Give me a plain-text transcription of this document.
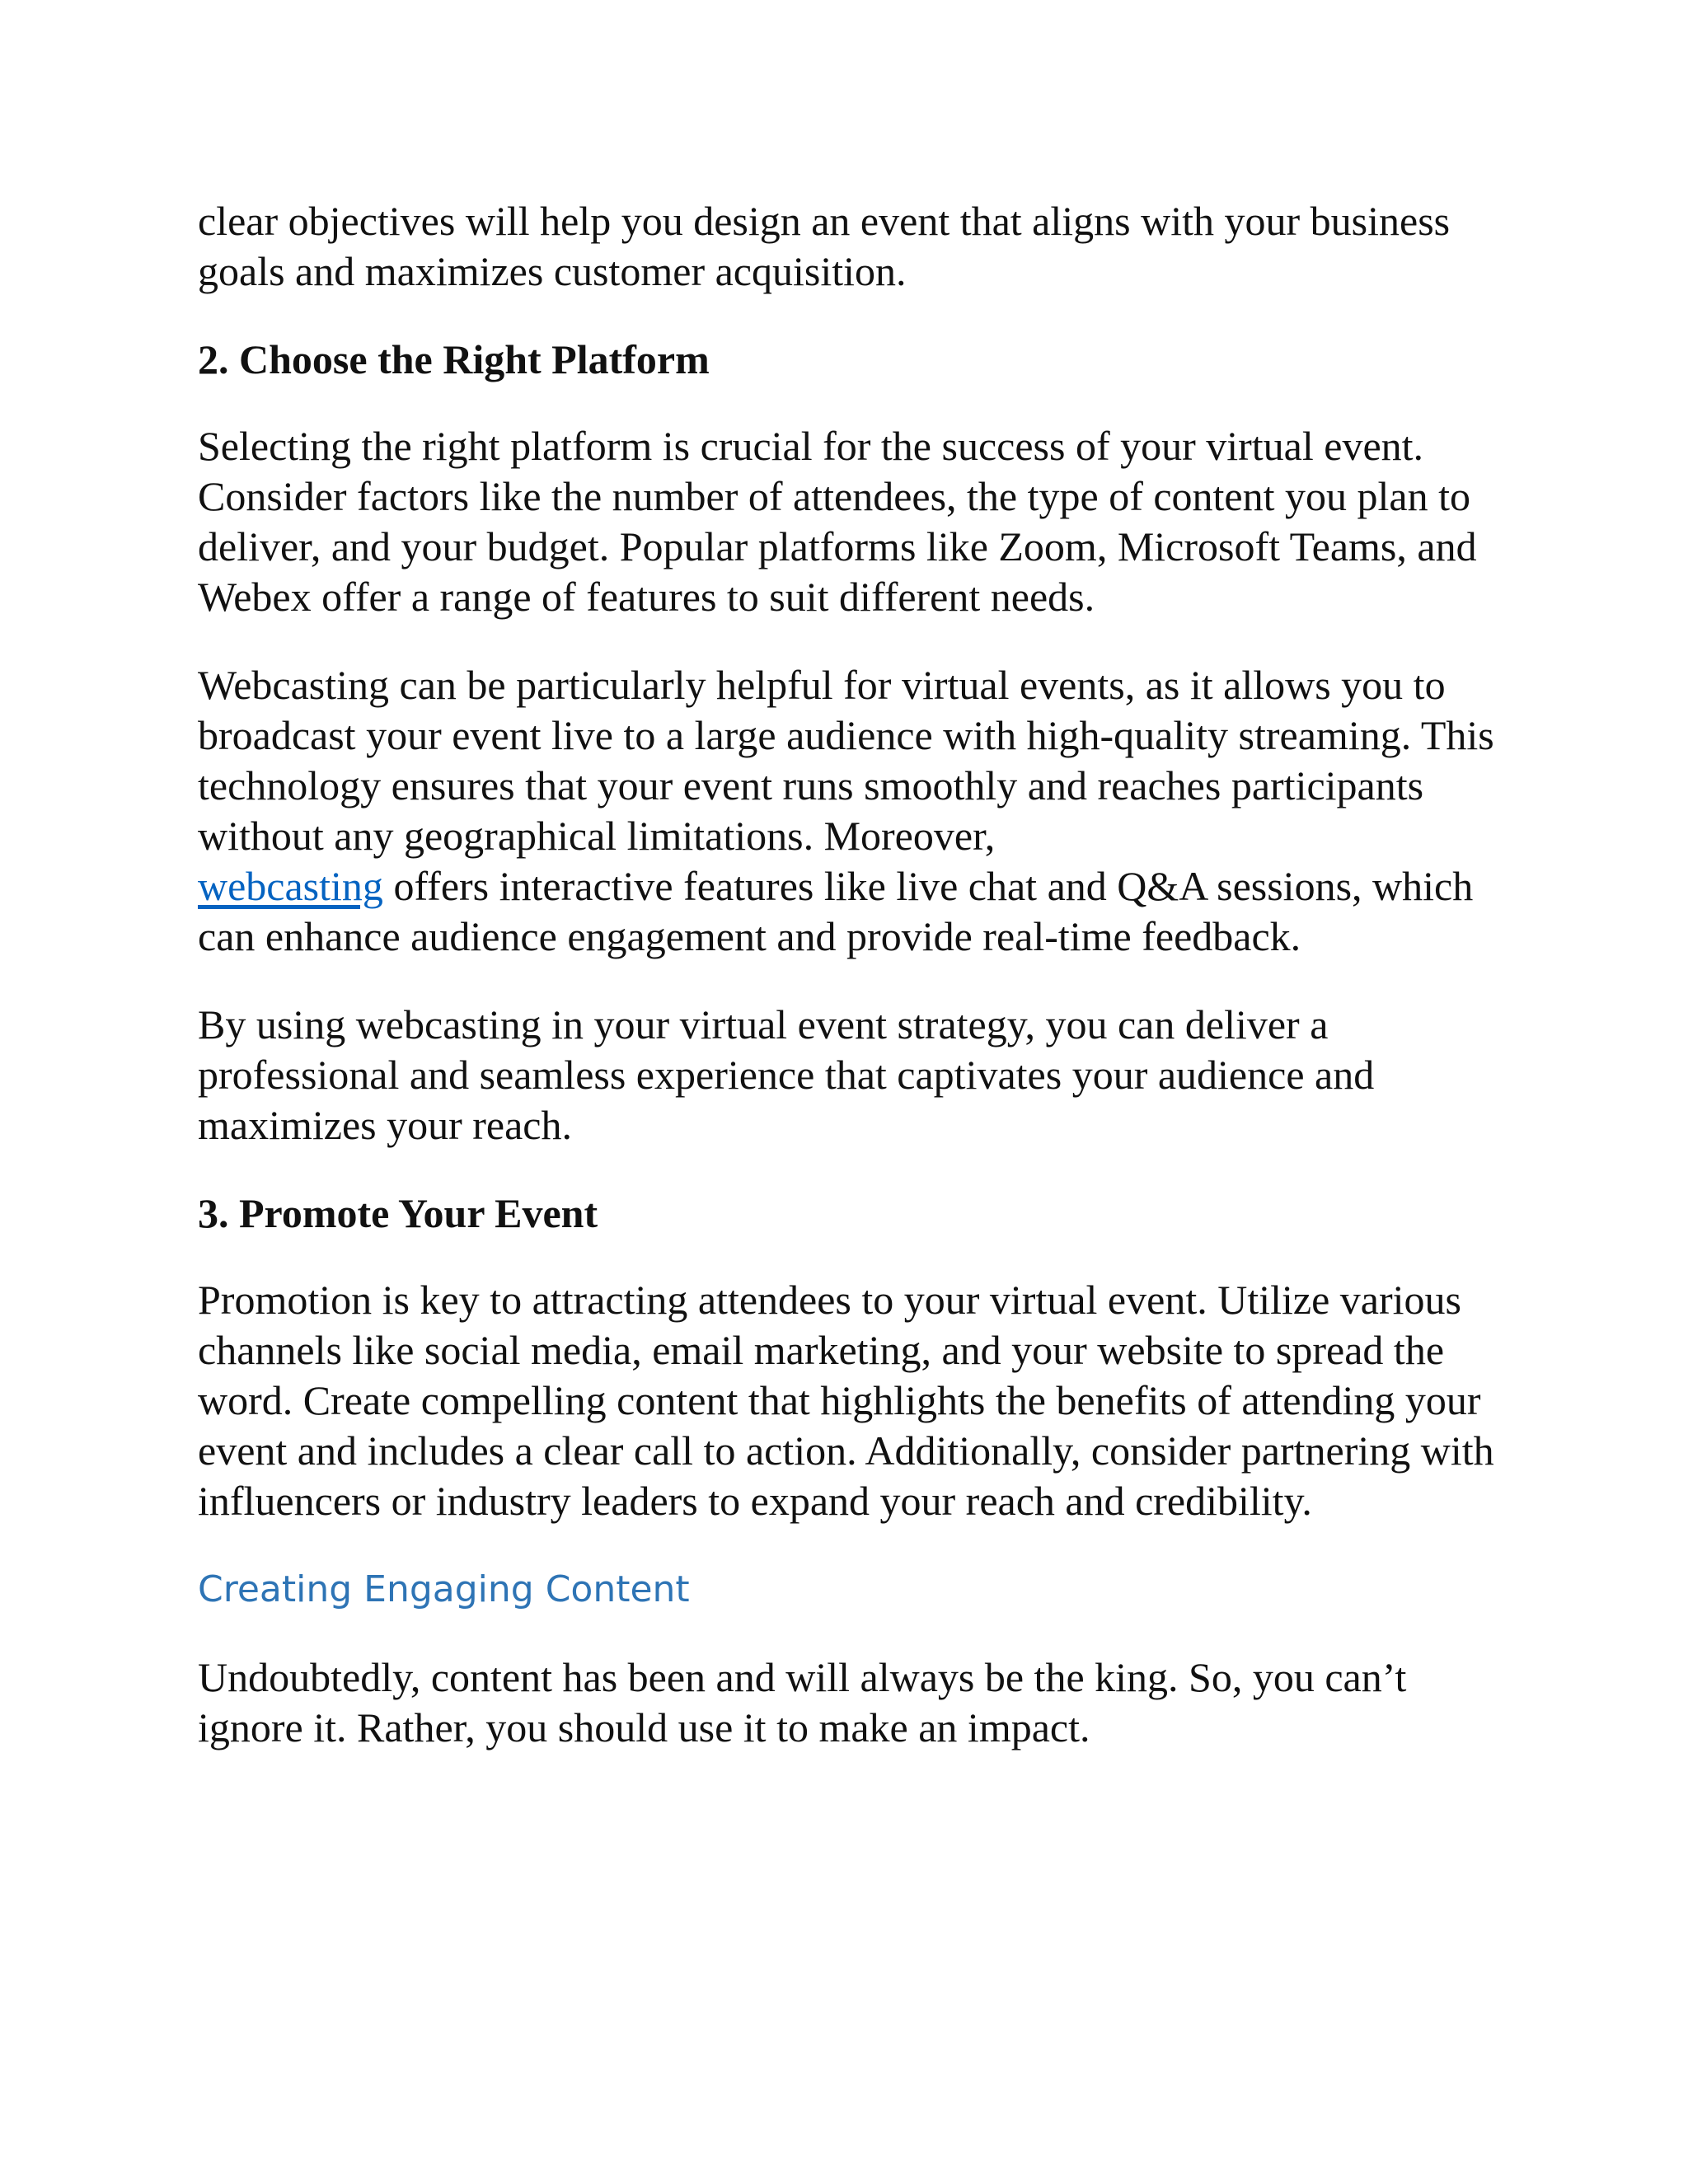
clear objectives will help you design an event that aligns with your business goals and maximizes customer acquisition.

2. Choose the Right Platform

Selecting the right platform is crucial for the success of your virtual event. Consider factors like the number of attendees, the type of content you plan to deliver, and your budget. Popular platforms like Zoom, Microsoft Teams, and Webex offer a range of features to suit different needs.

Webcasting can be particularly helpful for virtual events, as it allows you to broadcast your event live to a large audience with high-quality streaming. This technology ensures that your event runs smoothly and reaches participants without any geographical limitations. Moreover,
webcasting offers interactive features like live chat and Q&A sessions, which can enhance audience engagement and provide real-time feedback.

By using webcasting in your virtual event strategy, you can deliver a professional and seamless experience that captivates your audience and maximizes your reach.

3. Promote Your Event

Promotion is key to attracting attendees to your virtual event. Utilize various channels like social media, email marketing, and your website to spread the word. Create compelling content that highlights the benefits of attending your event and includes a clear call to action. Additionally, consider partnering with influencers or industry leaders to expand your reach and credibility.

Creating Engaging Content

Undoubtedly, content has been and will always be the king. So, you can’t ignore it. Rather, you should use it to make an impact.
